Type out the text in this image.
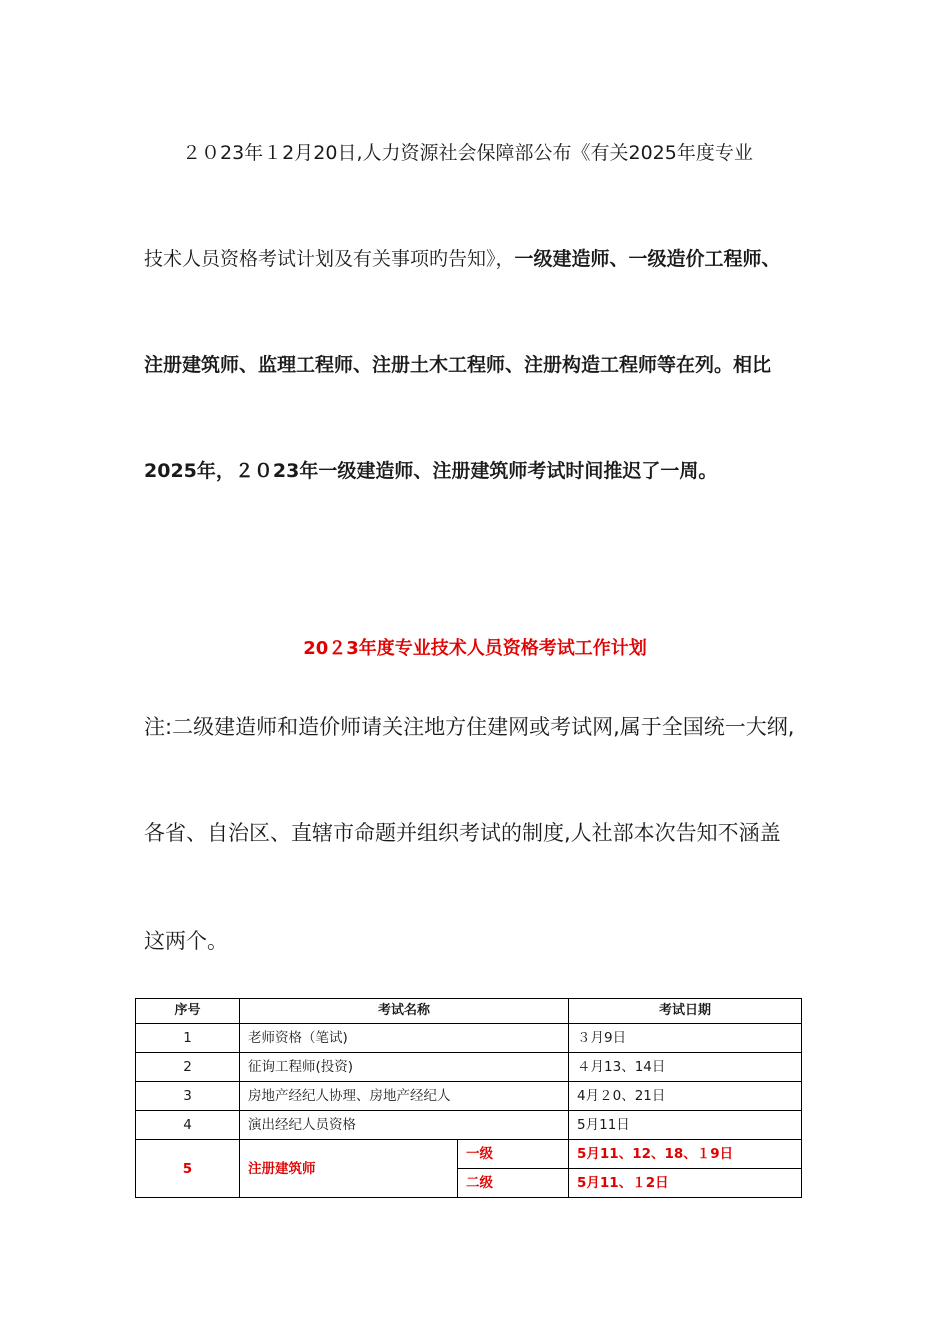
２０23年１2月20日,人力资源社会保障部公布《有关2025年度专业
技术人员资格考试计划及有关事项旳告知》，一级建造师、一级造价工程师、
注册建筑师、监理工程师、注册土木工程师、注册构造工程师等在列。相比
2025年，２０23年一级建造师、注册建筑师考试时间推迟了一周。
20２3年度专业技术人员资格考试工作计划
注:二级建造师和造价师请关注地方住建网或考试网,属于全国统一大纲,
各省、自治区、直辖市命题并组织考试的制度,人社部本次告知不涵盖
这两个。
序号	考试名称		考试日期
1	老师资格（笔试)		３月9日
2	征询工程师(投资)		４月13、14日
3	房地产经纪人协理、房地产经纪人		4月２0、21日
4	演出经纪人员资格		5月11日
5	注册建筑师	一级	5月11、12、18、１9日
		二级	5月11、１2日
